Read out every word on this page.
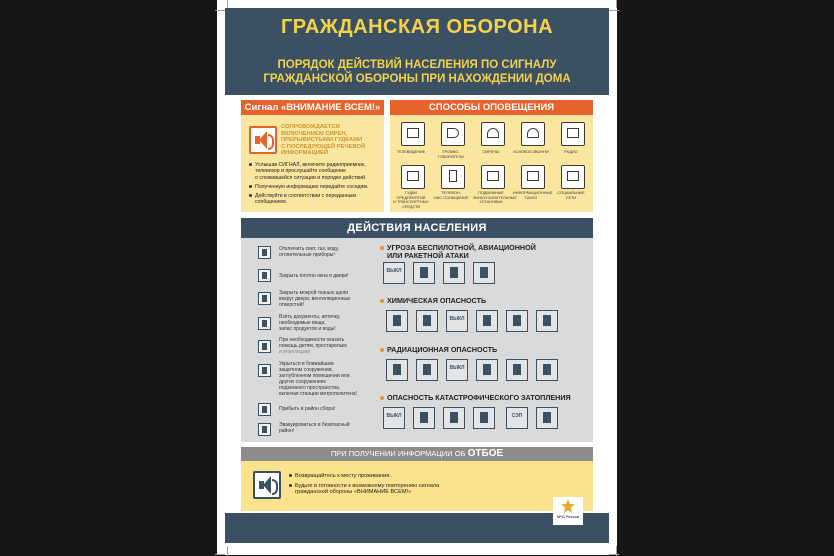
ГРАЖДАНСКАЯ ОБОРОНА
ПОРЯДОК ДЕЙСТВИЙ НАСЕЛЕНИЯ ПО СИГНАЛУ
ГРАЖДАНСКОЙ ОБОРОНЫ ПРИ НАХОЖДЕНИИ ДОМА
Сигнал «ВНИМАНИЕ ВСЕМ!»
СОПРОВОЖДАЕТСЯ
ВКЛЮЧЕНИЕМ СИРЕН,
ПРЕРЫВИСТЫМИ ГУДКАМИ
С ПОСЛЕДУЮЩЕЙ РЕЧЕВОЙ
ИНФОРМАЦИЕЙ
Услышав СИГНАЛ, включите радиоприемник,
телевизор и прослушайте сообщение
о сложившейся ситуации и порядке действий.
Полученную информацию передайте соседям.
Действуйте в соответствии с переданным
сообщением.
СПОСОБЫ ОПОВЕЩЕНИЯ
ТЕЛЕВИДЕНИЕ	ГРОМКО-
ГОВОРИТЕЛИ
СИРЕНЫ	КОЛОКОЛ-ЗВОННИ	РАДИО
ГУДКИ ПРЕДПРИЯТИЙ
И ТРАНСПОРТНЫХ
СРЕДСТВ
ТЕЛЕФОН,
СМС-СООБЩЕНИЕ
ПОДВИЖНЫЕ
ЗВУКОУСИЛИТЕЛЬНЫЕ
УСТАНОВКИ
ИНФОРМАЦИОННЫЕ
ТАБЛО
СОЦИАЛЬНЫЕ
СЕТИ
ДЕЙСТВИЯ НАСЕЛЕНИЯ
Отключить свет, газ, воду,
отопительные приборы!
Закрыть плотно окна и двери!
Закрыть мокрой тканью щели
вокруг двери, вентиляционных
отверстий!
Взять документы, аптечку,
необходимые вещи,
запас продуктов и воды!
При необходимости оказать
помощь детям, престарелым
и инвалидам!
Укрыться в ближайшем
защитном сооружении,
заглубленном помещении или
других сооружениях
подземного пространства,
включая станции метрополитена!
Прибыть в район сбора!
Эвакуироваться в безопасный
район!
УГРОЗА БЕСПИЛОТНОЙ, АВИАЦИОННОЙ
ИЛИ РАКЕТНОЙ АТАКИ
ВЫКЛ
ХИМИЧЕСКАЯ ОПАСНОСТЬ
ВЫКЛ
РАДИАЦИОННАЯ ОПАСНОСТЬ
ВЫКЛ
ОПАСНОСТЬ КАТАСТРОФИЧЕСКОГО ЗАТОПЛЕНИЯ
ВЫКЛ	СЭП
ПРИ ПОЛУЧЕНИИ ИНФОРМАЦИИ ОБ ОТБОЕ
Возвращайтесь к месту проживания.
Будьте в готовности к возможному повторению сигнала
гражданской обороны «ВНИМАНИЕ ВСЕМ!»
МЧС России
